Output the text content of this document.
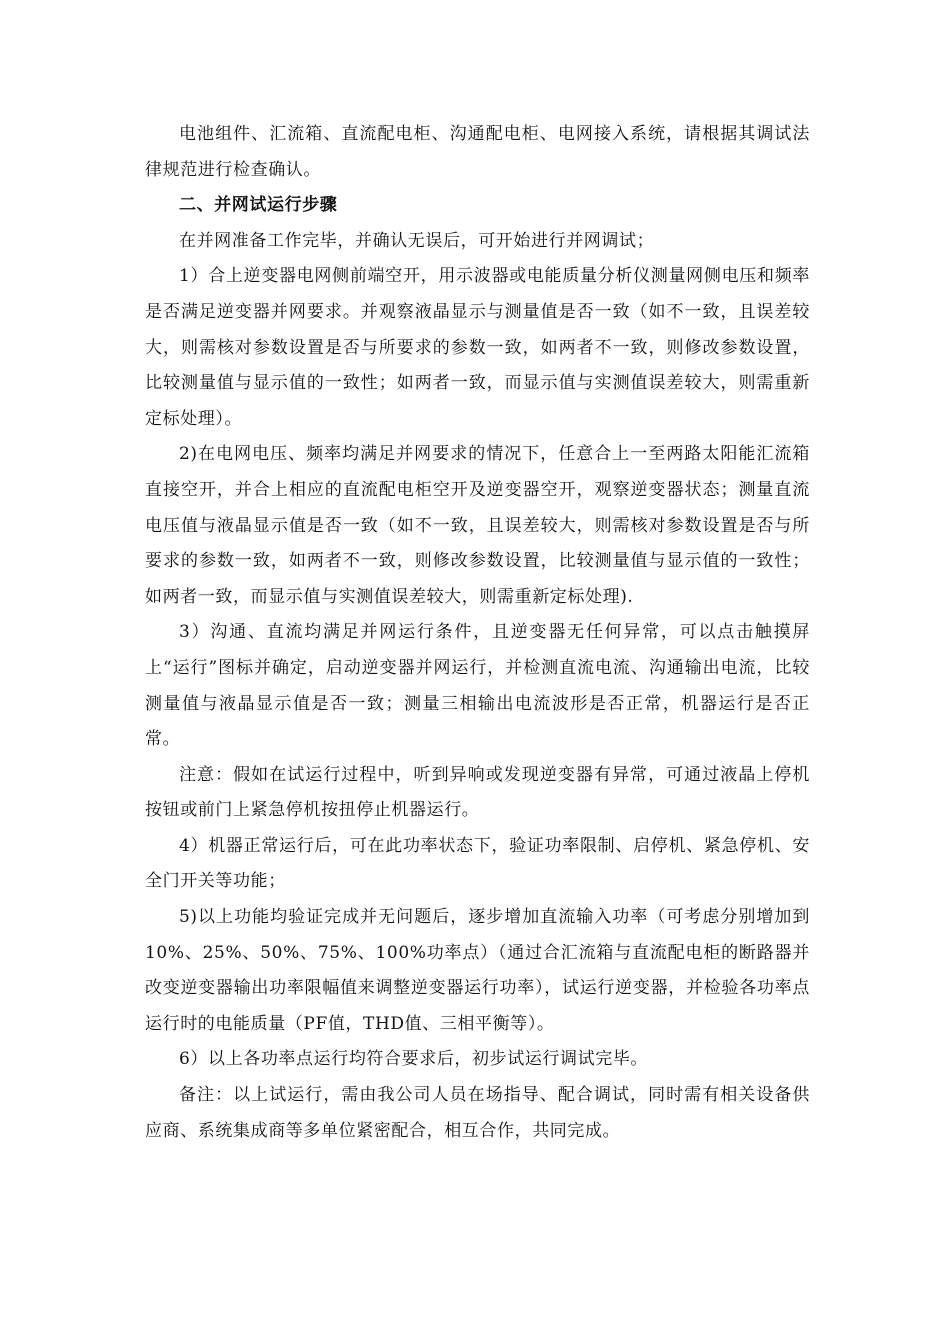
电池组件、汇流箱、直流配电柜、沟通配电柜、电网接入系统，请根据其调试法律规范进行检查确认。

二、并网试运行步骤

在并网准备工作完毕，并确认无误后，可开始进行并网调试；

1）合上逆变器电网侧前端空开，用示波器或电能质量分析仪测量网侧电压和频率是否满足逆变器并网要求。并观察液晶显示与测量值是否一致（如不一致，且误差较大，则需核对参数设置是否与所要求的参数一致，如两者不一致，则修改参数设置，比较测量值与显示值的一致性；如两者一致，而显示值与实测值误差较大，则需重新定标处理）。

2)在电网电压、频率均满足并网要求的情况下，任意合上一至两路太阳能汇流箱直接空开，并合上相应的直流配电柜空开及逆变器空开，观察逆变器状态；测量直流电压值与液晶显示值是否一致（如不一致，且误差较大，则需核对参数设置是否与所要求的参数一致，如两者不一致，则修改参数设置，比较测量值与显示值的一致性；如两者一致，而显示值与实测值误差较大，则需重新定标处理).

3）沟通、直流均满足并网运行条件，且逆变器无任何异常，可以点击触摸屏上“运行”图标并确定，启动逆变器并网运行，并检测直流电流、沟通输出电流，比较测量值与液晶显示值是否一致；测量三相输出电流波形是否正常，机器运行是否正常。

注意：假如在试运行过程中，听到异响或发现逆变器有异常，可通过液晶上停机按钮或前门上紧急停机按扭停止机器运行。

4）机器正常运行后，可在此功率状态下，验证功率限制、启停机、紧急停机、安全门开关等功能；

5)以上功能均验证完成并无问题后，逐步增加直流输入功率（可考虑分别增加到10%、25%、50%、75%、100%功率点）（通过合汇流箱与直流配电柜的断路器并改变逆变器输出功率限幅值来调整逆变器运行功率），试运行逆变器，并检验各功率点运行时的电能质量（PF值，THD值、三相平衡等）。

6）以上各功率点运行均符合要求后，初步试运行调试完毕。

备注：以上试运行，需由我公司人员在场指导、配合调试，同时需有相关设备供应商、系统集成商等多单位紧密配合，相互合作，共同完成。
